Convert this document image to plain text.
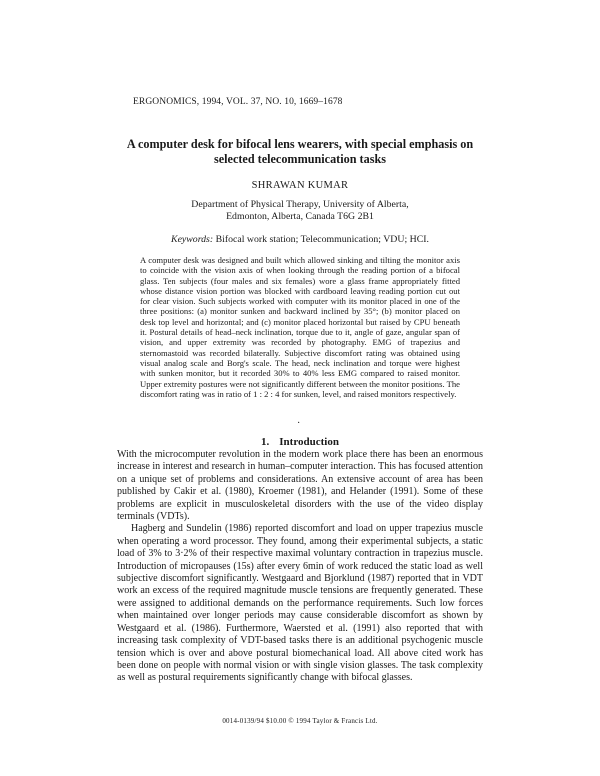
ERGONOMICS, 1994, VOL. 37, NO. 10, 1669–1678
A computer desk for bifocal lens wearers, with special emphasis on selected telecommunication tasks
SHRAWAN KUMAR
Department of Physical Therapy, University of Alberta,
Edmonton, Alberta, Canada T6G 2B1
Keywords: Bifocal work station; Telecommunication; VDU; HCI.

A computer desk was designed and built which allowed sinking and tilting the monitor axis to coincide with the vision axis of when looking through the reading portion of a bifocal glass. Ten subjects (four males and six females) wore a glass frame appropriately fitted whose distance vision portion was blocked with cardboard leaving reading portion cut out for clear vision. Such subjects worked with computer with its monitor placed in one of the three positions: (a) monitor sunken and backward inclined by 35°; (b) monitor placed on desk top level and horizontal; and (c) monitor placed horizontal but raised by CPU beneath it. Postural details of head–neck inclination, torque due to it, angle of gaze, angular span of vision, and upper extremity was recorded by photography. EMG of trapezius and sternomastoid was recorded bilaterally. Subjective discomfort rating was obtained using visual analog scale and Borg's scale. The head, neck inclination and torque were highest with sunken monitor, but it recorded 30% to 40% less EMG compared to raised monitor. Upper extremity postures were not significantly different between the monitor positions. The discomfort rating was in ratio of 1 : 2 : 4 for sunken, level, and raised monitors respectively.

·
1. Introduction

With the microcomputer revolution in the modern work place there has been an enormous increase in interest and research in human–computer interaction. This has focused attention on a unique set of problems and considerations. An extensive account of area has been published by Cakir et al. (1980), Kroemer (1981), and Helander (1991). Some of these problems are explicit in musculoskeletal disorders with the use of the video display terminals (VDTs).

Hagberg and Sundelin (1986) reported discomfort and load on upper trapezius muscle when operating a word processor. They found, among their experimental subjects, a static load of 3% to 3·2% of their respective maximal voluntary contraction in trapezius muscle. Introduction of micropauses (15s) after every 6min of work reduced the static load as well subjective discomfort significantly. Westgaard and Bjorklund (1987) reported that in VDT work an excess of the required magnitude muscle tensions are frequently generated. These were assigned to additional demands on the performance requirements. Such low forces when maintained over longer periods may cause considerable discomfort as shown by Westgaard et al. (1986). Furthermore, Waersted et al. (1991) also reported that with increasing task complexity of VDT-based tasks there is an additional psychogenic muscle tension which is over and above postural biomechanical load. All above cited work has been done on people with normal vision or with single vision glasses. The task complexity as well as postural requirements significantly change with bifocal glasses.

0014-0139/94 $10.00 © 1994 Taylor & Francis Ltd.
